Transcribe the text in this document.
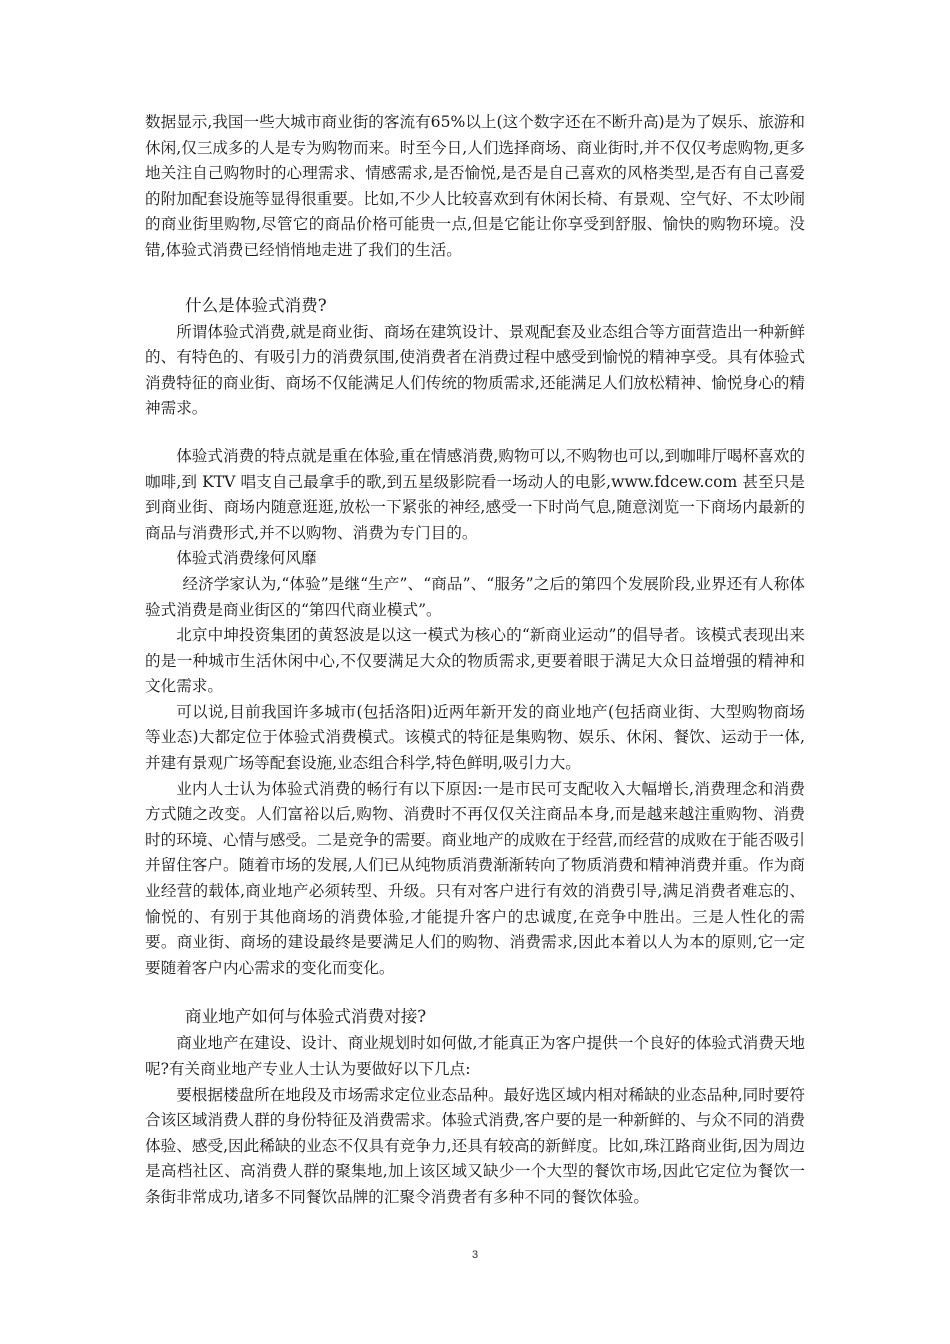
数据显示,我国一些大城市商业街的客流有65%以上(这个数字还在不断升高)是为了娱乐、旅游和休闲,仅三成多的人是专为购物而来。时至今日,人们选择商场、商业街时,并不仅仅考虑购物,更多地关注自己购物时的心理需求、情感需求,是否愉悦,是否是自己喜欢的风格类型,是否有自己喜爱的附加配套设施等显得很重要。比如,不少人比较喜欢到有休闲长椅、有景观、空气好、不太吵闹的商业街里购物,尽管它的商品价格可能贵一点,但是它能让你享受到舒服、愉快的购物环境。没错,体验式消费已经悄悄地走进了我们的生活。

什么是体验式消费?

所谓体验式消费,就是商业街、商场在建筑设计、景观配套及业态组合等方面营造出一种新鲜的、有特色的、有吸引力的消费氛围,使消费者在消费过程中感受到愉悦的精神享受。具有体验式消费特征的商业街、商场不仅能满足人们传统的物质需求,还能满足人们放松精神、愉悦身心的精神需求。

体验式消费的特点就是重在体验,重在情感消费,购物可以,不购物也可以,到咖啡厅喝杯喜欢的咖啡,到 KTV 唱支自己最拿手的歌,到五星级影院看一场动人的电影,www.fdcew.com 甚至只是到商业街、商场内随意逛逛,放松一下紧张的神经,感受一下时尚气息,随意浏览一下商场内最新的商品与消费形式,并不以购物、消费为专门目的。

体验式消费缘何风靡

经济学家认为,“体验”是继“生产”、“商品”、“服务”之后的第四个发展阶段,业界还有人称体验式消费是商业街区的“第四代商业模式”。

北京中坤投资集团的黄怒波是以这一模式为核心的“新商业运动”的倡导者。该模式表现出来的是一种城市生活休闲中心,不仅要满足大众的物质需求,更要着眼于满足大众日益增强的精神和文化需求。

可以说,目前我国许多城市(包括洛阳)近两年新开发的商业地产(包括商业街、大型购物商场等业态)大都定位于体验式消费模式。该模式的特征是集购物、娱乐、休闲、餐饮、运动于一体,并建有景观广场等配套设施,业态组合科学,特色鲜明,吸引力大。

业内人士认为体验式消费的畅行有以下原因:一是市民可支配收入大幅增长,消费理念和消费方式随之改变。人们富裕以后,购物、消费时不再仅仅关注商品本身,而是越来越注重购物、消费时的环境、心情与感受。二是竞争的需要。商业地产的成败在于经营,而经营的成败在于能否吸引并留住客户。随着市场的发展,人们已从纯物质消费渐渐转向了物质消费和精神消费并重。作为商业经营的载体,商业地产必须转型、升级。只有对客户进行有效的消费引导,满足消费者难忘的、愉悦的、有别于其他商场的消费体验,才能提升客户的忠诚度,在竞争中胜出。三是人性化的需要。商业街、商场的建设最终是要满足人们的购物、消费需求,因此本着以人为本的原则,它一定要随着客户内心需求的变化而变化。

商业地产如何与体验式消费对接?

商业地产在建设、设计、商业规划时如何做,才能真正为客户提供一个良好的体验式消费天地呢?有关商业地产专业人士认为要做好以下几点:

要根据楼盘所在地段及市场需求定位业态品种。最好选区域内相对稀缺的业态品种,同时要符合该区域消费人群的身份特征及消费需求。体验式消费,客户要的是一种新鲜的、与众不同的消费体验、感受,因此稀缺的业态不仅具有竞争力,还具有较高的新鲜度。比如,珠江路商业街,因为周边是高档社区、高消费人群的聚集地,加上该区域又缺少一个大型的餐饮市场,因此它定位为餐饮一条街非常成功,诸多不同餐饮品牌的汇聚令消费者有多种不同的餐饮体验。

3
